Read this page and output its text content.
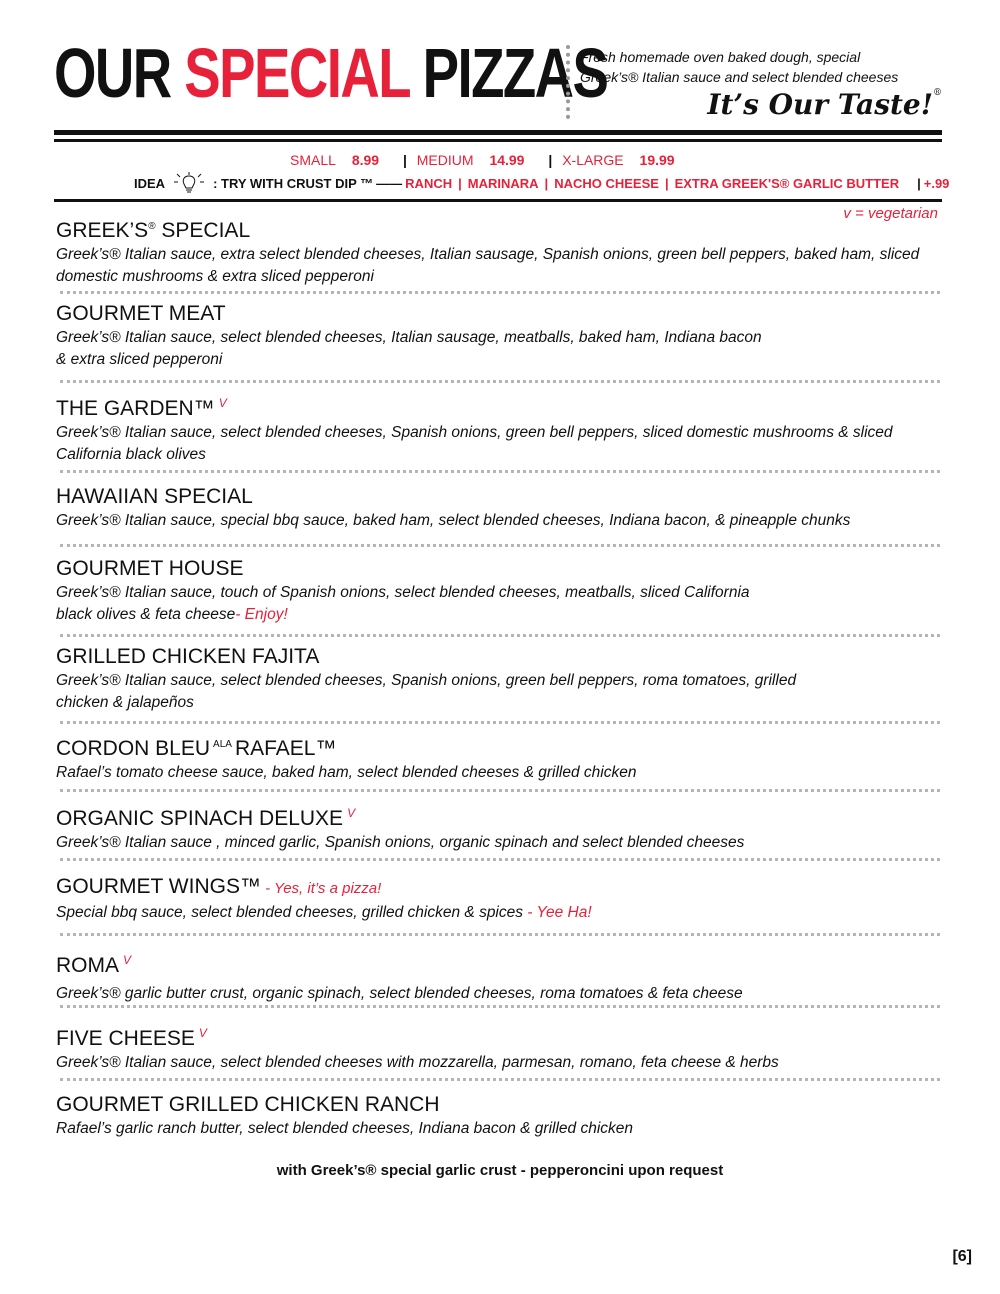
OUR SPECIAL PIZZAS
Fresh homemade oven baked dough, special
Greek’s® Italian sauce and select blended cheeses
It’s Our Taste!®
SMALL 8.99 | MEDIUM 14.99 | X-LARGE 19.99
IDEA	: TRY WITH CRUST DIP ™ —— RANCH | MARINARA | NACHO CHEESE | EXTRA GREEK'S® GARLIC BUTTER | +.99
v = vegetarian
GREEK’S® SPECIAL
Greek’s® Italian sauce, extra select blended cheeses, Italian sausage, Spanish onions, green bell peppers, baked ham, sliced domestic mushrooms & extra sliced pepperoni
GOURMET MEAT
Greek’s® Italian sauce, select blended cheeses, Italian sausage, meatballs, baked ham, Indiana bacon
& extra sliced pepperoni
THE GARDEN™ $^V$
Greek’s® Italian sauce, select blended cheeses, Spanish onions, green bell peppers, sliced domestic mushrooms & sliced California black olives
HAWAIIAN SPECIAL
Greek’s® Italian sauce, special bbq sauce, baked ham, select blended cheeses, Indiana bacon, & pineapple chunks
GOURMET HOUSE
Greek’s® Italian sauce, touch of Spanish onions, select blended cheeses, meatballs, sliced California
black olives & feta cheese- Enjoy!
GRILLED CHICKEN FAJITA
Greek’s® Italian sauce, select blended cheeses, Spanish onions, green bell peppers, roma tomatoes, grilled
chicken & jalapeños
CORDON BLEU $^{ALA}$ RAFAEL™
Rafael’s tomato cheese sauce, baked ham, select blended cheeses & grilled chicken
ORGANIC SPINACH DELUXE $^V$
Greek’s® Italian sauce , minced garlic, Spanish onions, organic spinach and select blended cheeses
GOURMET WINGS™ - Yes, it’s a pizza!
Special bbq sauce, select blended cheeses, grilled chicken & spices - Yee Ha!
ROMA $^V$
Greek’s® garlic butter crust, organic spinach, select blended cheeses, roma tomatoes & feta cheese
FIVE CHEESE $^V$
Greek’s® Italian sauce, select blended cheeses with mozzarella, parmesan, romano, feta cheese & herbs
GOURMET GRILLED CHICKEN RANCH
Rafael’s garlic ranch butter, select blended cheeses, Indiana bacon & grilled chicken
with Greek’s® special garlic crust - pepperoncini upon request
[6]
